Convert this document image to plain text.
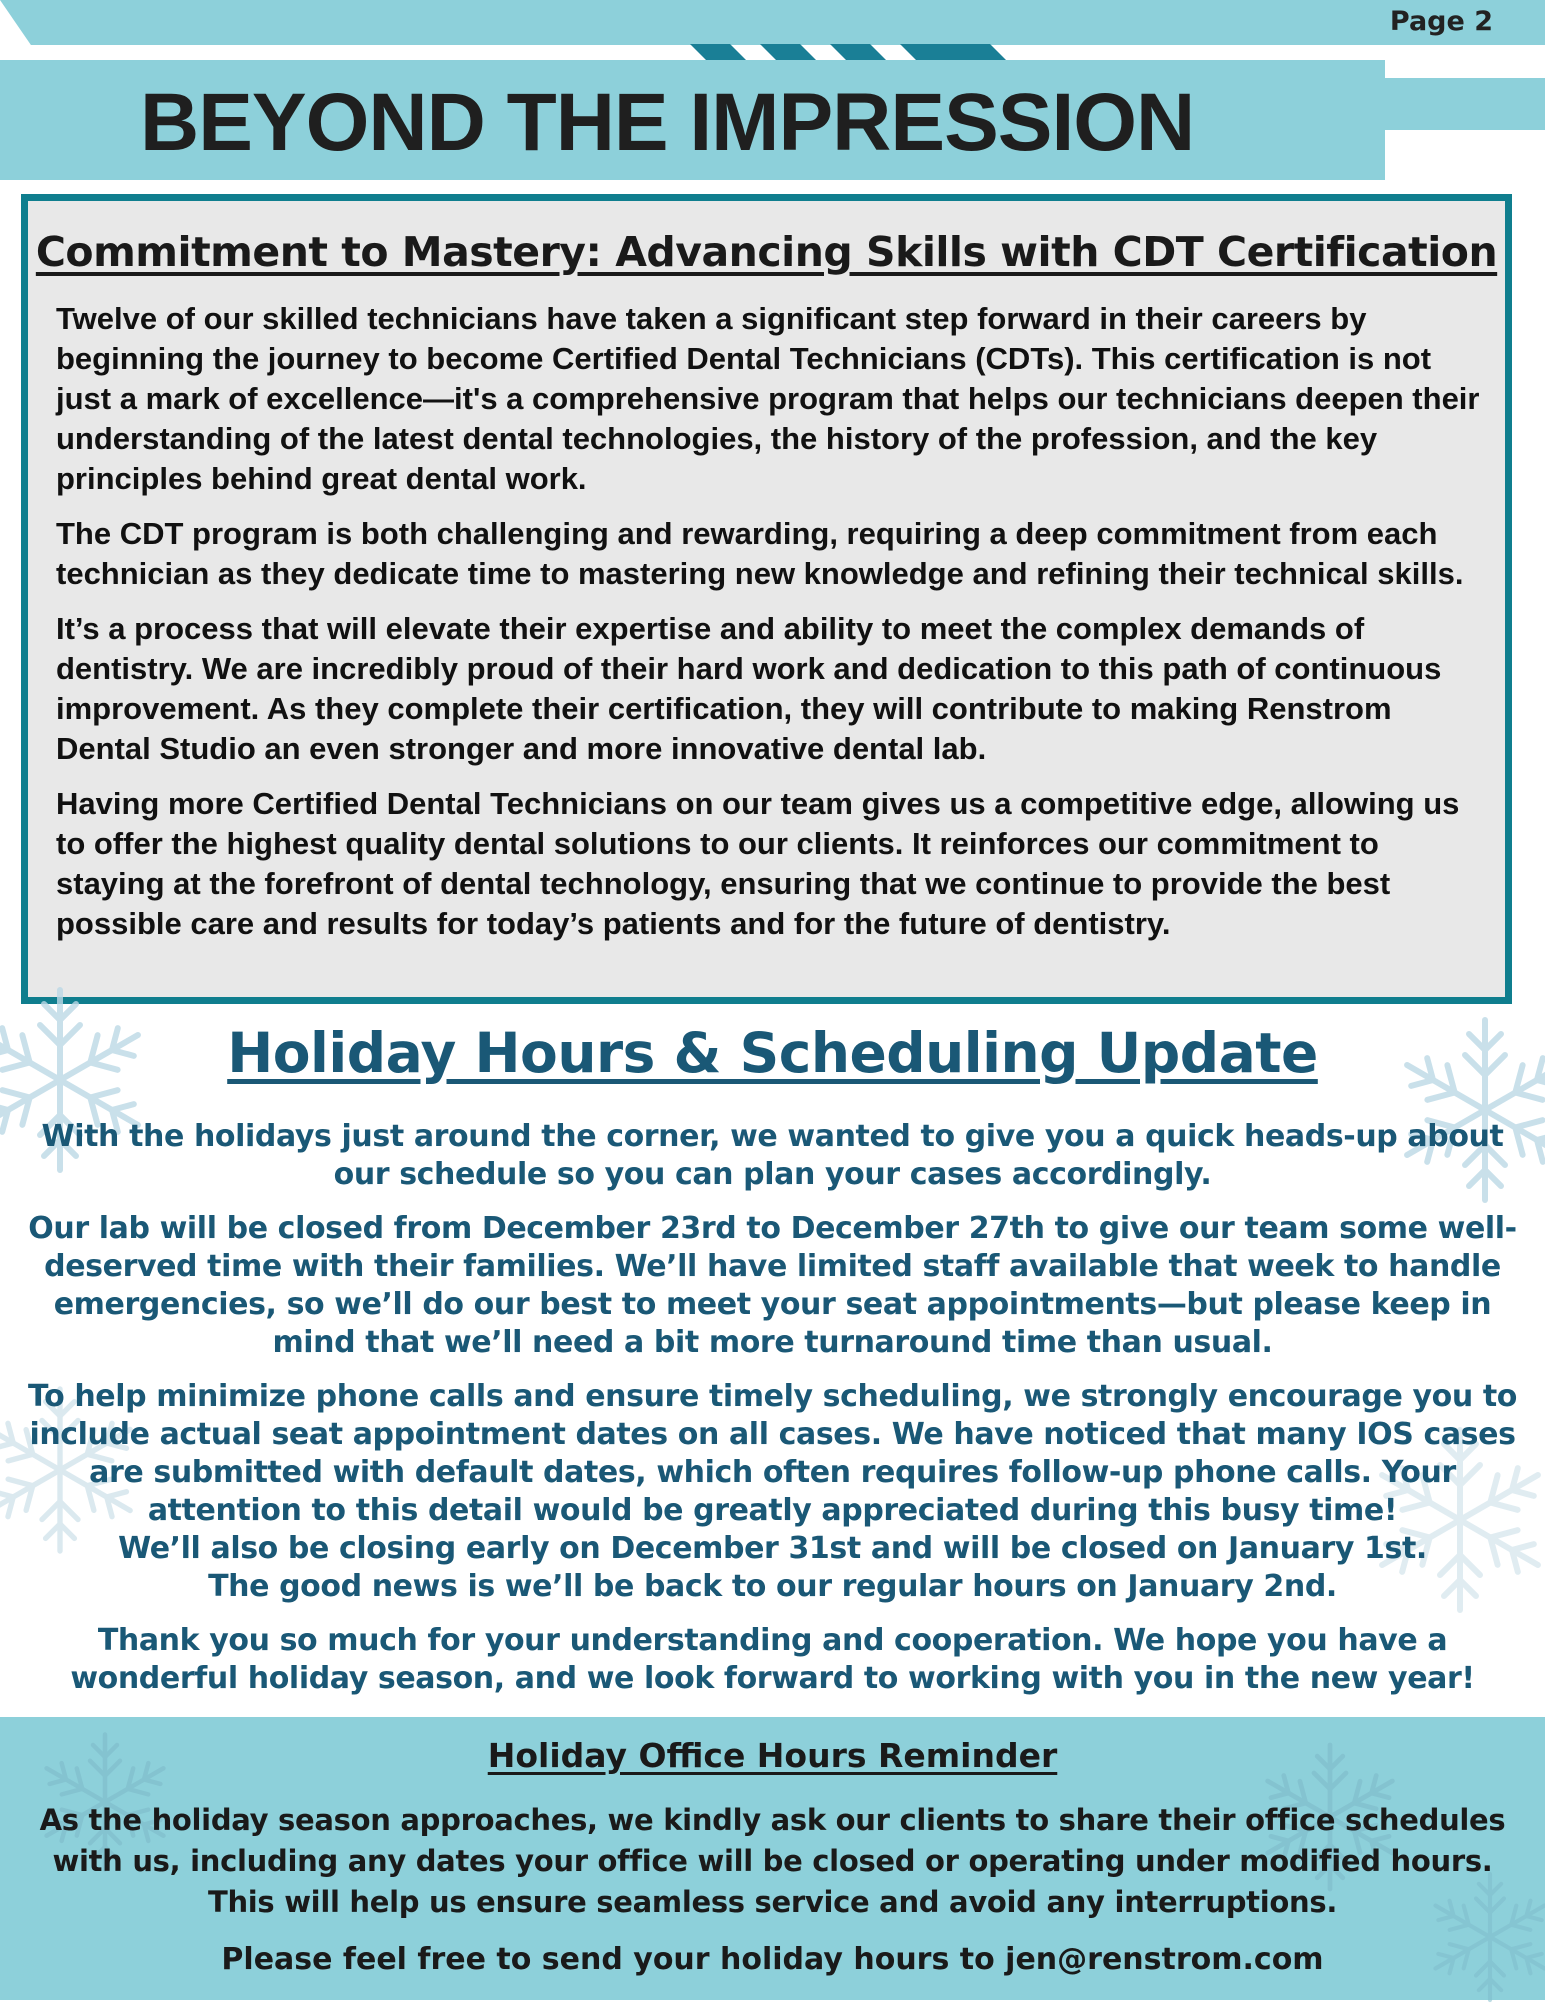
Page 2
BEYOND THE IMPRESSION
Commitment to Mastery: Advancing Skills with CDT Certification

Twelve of our skilled technicians have taken a significant step forward in their careers by beginning the journey to become Certified Dental Technicians (CDTs). This certification is not just a mark of excellence—it's a comprehensive program that helps our technicians deepen their understanding of the latest dental technologies, the history of the profession, and the key principles behind great dental work.

The CDT program is both challenging and rewarding, requiring a deep commitment from each technician as they dedicate time to mastering new knowledge and refining their technical skills.

It’s a process that will elevate their expertise and ability to meet the complex demands of dentistry. We are incredibly proud of their hard work and dedication to this path of continuous improvement. As they complete their certification, they will contribute to making Renstrom Dental Studio an even stronger and more innovative dental lab.

Having more Certified Dental Technicians on our team gives us a competitive edge, allowing us to offer the highest quality dental solutions to our clients. It reinforces our commitment to staying at the forefront of dental technology, ensuring that we continue to provide the best possible care and results for today’s patients and for the future of dentistry.

Holiday Hours & Scheduling Update

With the holidays just around the corner, we wanted to give you a quick heads-up about our schedule so you can plan your cases accordingly.

Our lab will be closed from December 23rd to December 27th to give our team some well-deserved time with their families. We’ll have limited staff available that week to handle emergencies, so we’ll do our best to meet your seat appointments—but please keep in mind that we’ll need a bit more turnaround time than usual.

To help minimize phone calls and ensure timely scheduling, we strongly encourage you to include actual seat appointment dates on all cases. We have noticed that many IOS cases are submitted with default dates, which often requires follow-up phone calls. Your attention to this detail would be greatly appreciated during this busy time!

We’ll also be closing early on December 31st and will be closed on January 1st.

The good news is we’ll be back to our regular hours on January 2nd.

Thank you so much for your understanding and cooperation. We hope you have a wonderful holiday season, and we look forward to working with you in the new year!

Holiday Office Hours Reminder

As the holiday season approaches, we kindly ask our clients to share their office schedules with us, including any dates your office will be closed or operating under modified hours. This will help us ensure seamless service and avoid any interruptions.

Please feel free to send your holiday hours to jen@renstrom.com
